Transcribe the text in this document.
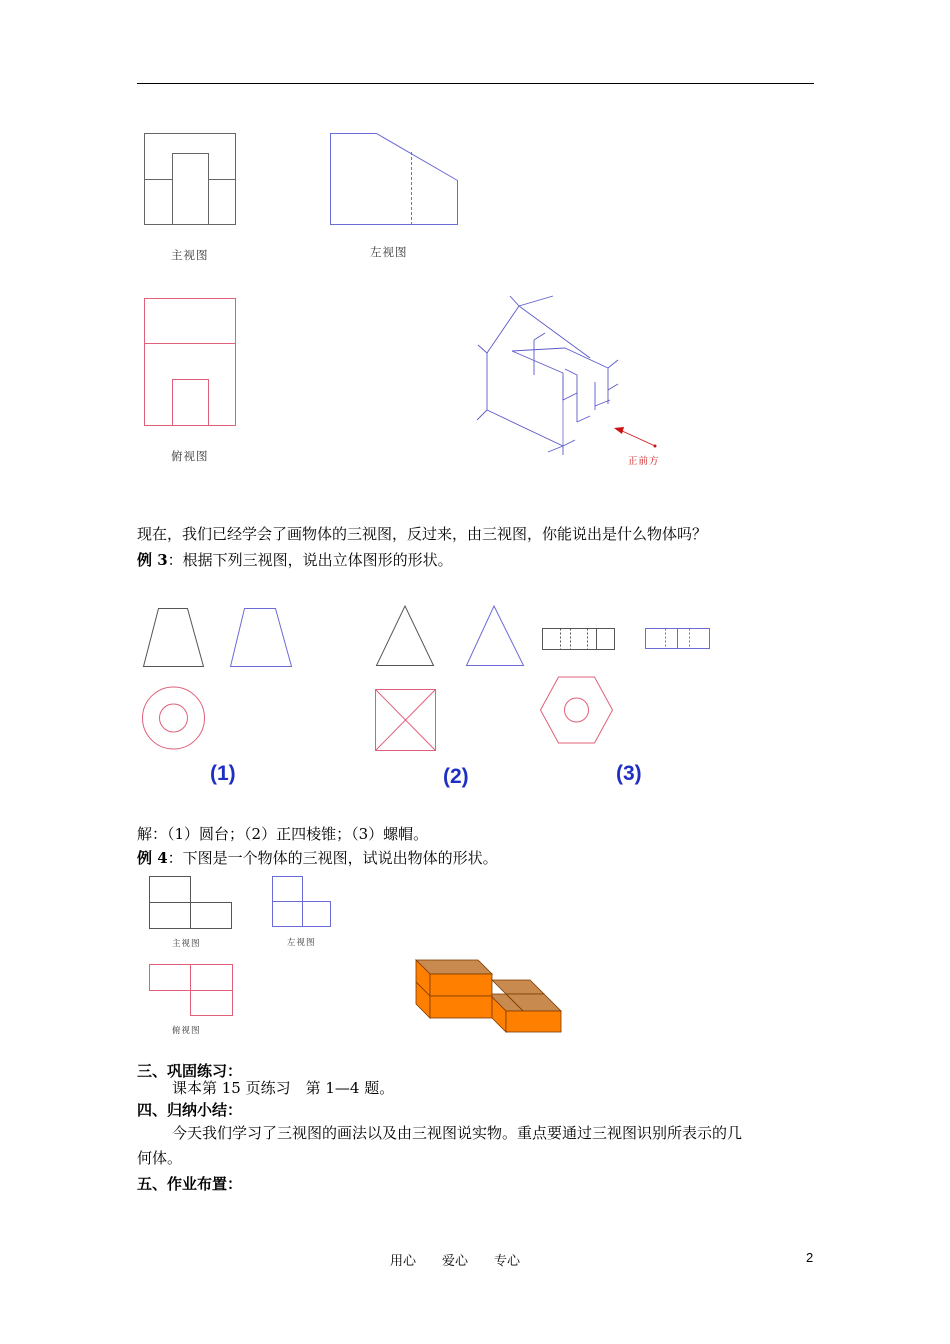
主视图	左视图
俯视图	正前方
现在，我们已经学会了画物体的三视图，反过来，由三视图，你能说出是什么物体吗？
例 3：根据下列三视图，说出立体图形的形状。
(1)	(2)	(3)
解：（1）圆台；（2）正四棱锥；（3）螺帽。
例 4：下图是一个物体的三视图，试说出物体的形状。
主视图	左视图
俯视图
三、巩固练习：
课本第 15 页练习　第 1—4 题。
四、归纳小结：
今天我们学习了三视图的画法以及由三视图说实物。重点要通过三视图识别所表示的几
何体。
五、作业布置：
用心　　爱心　　专心	2
